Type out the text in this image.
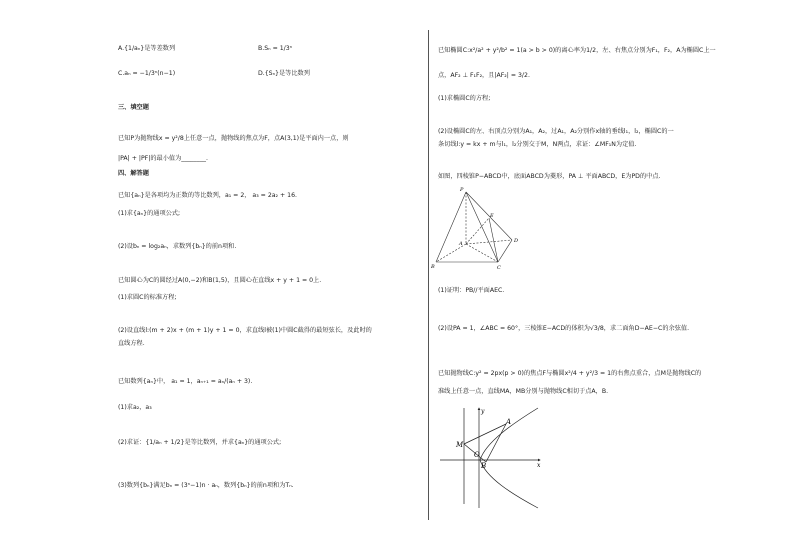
A.{1/aₙ}是等差数列	B.Sₙ = 1/3ⁿ
C.aₙ = −1/3ⁿ(n−1)	D.{Sₙ}是等比数列
三、填空题
已知P为抛物线x = y²/8上任意一点，抛物线的焦点为F，点A(3,1)是平面内一点，则
|PA| + |PF|的最小值为________.
四、解答题
已知{aₙ}是各项均为正数的等比数列，a₁ = 2， a₃ = 2a₂ + 16.
(1)求{aₙ}的通项公式;
(2)设bₙ = log₂aₙ，求数列{bₙ}的前n项和.
已知圆心为C的圆经过A(0,−2)和B(1,5)，且圆心在直线x + y + 1 = 0上.
(1)求圆C的标准方程;
(2)设直线l:(m + 2)x + (m + 1)y + 1 = 0，求直线l被(1)中圆C截得的最短弦长，及此时的
直线方程.
已知数列{aₙ}中， a₁ = 1，aₙ₊₁ = aₙ/(aₙ + 3).
(1)求a₂，a₃
(2)求证：{1/aₙ + 1/2}是等比数列，并求{aₙ}的通项公式;
(3)数列{bₙ}满足bₙ = (3ⁿ−1)n · aₙ，数列{bₙ}的前n项和为Tₙ.
已知椭圆C:x²/a² + y²/b² = 1(a > b > 0)的离心率为1/2，左、右焦点分别为F₁，F₂，A为椭圆C上一
点，AF₂ ⊥ F₁F₂，且|AF₂| = 3/2.
(1)求椭圆C的方程;
(2)设椭圆C的左、右顶点分别为A₁，A₂，过A₁，A₂分别作x轴的垂线l₁，l₂，椭圆C的一
条切线l:y = kx + m与l₁，l₂分别交于M，N两点，求证：∠MF₁N为定值.
如图，四棱锥P−ABCD中，底面ABCD为菱形，PA ⊥ 平面ABCD，E为PD的中点.
P
A
B	C
D
E
(1)证明：PB//平面AEC.
(2)设PA = 1，∠ABC = 60°，三棱锥E−ACD的体积为√3/8，求二面角D−AE−C的余弦值.
已知抛物线C:y² = 2px(p > 0)的焦点F与椭圆x²/4 + y²/3 = 1的右焦点重合，点M是抛物线C的
准线上任意一点，直线MA，MB分别与抛物线C相切于点A，B.
y
x
M
A
O
B
